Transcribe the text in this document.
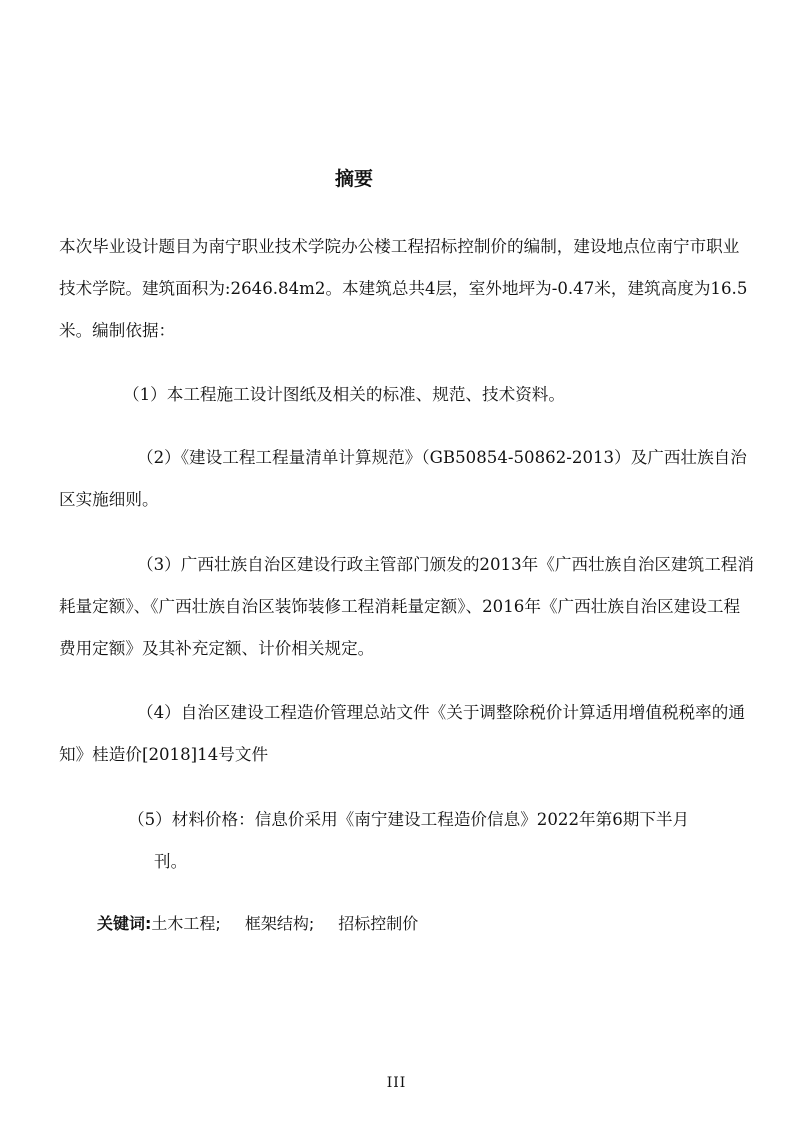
摘要

本次毕业设计题目为南宁职业技术学院办公楼工程招标控制价的编制，建设地点位南宁市职业技术学院。建筑面积为:2646.84m2。本建筑总共4层，室外地坪为-0.47米，建筑高度为16.5米。编制依据：

（1）本工程施工设计图纸及相关的标准、规范、技术资料。

（2）《建设工程工程量清单计算规范》（GB50854-50862-2013）及广西壮族自治区实施细则。

（3）广西壮族自治区建设行政主管部门颁发的2013年《广西壮族自治区建筑工程消耗量定额》、《广西壮族自治区装饰装修工程消耗量定额》、2016年《广西壮族自治区建设工程费用定额》及其补充定额、计价相关规定。

（4）自治区建设工程造价管理总站文件《关于调整除税价计算适用增值税税率的通知》桂造价[2018]14号文件

（5）材料价格：信息价采用《南宁建设工程造价信息》2022年第6期下半月
刊。
关键词:土木工程; 框架结构; 招标控制价
III
